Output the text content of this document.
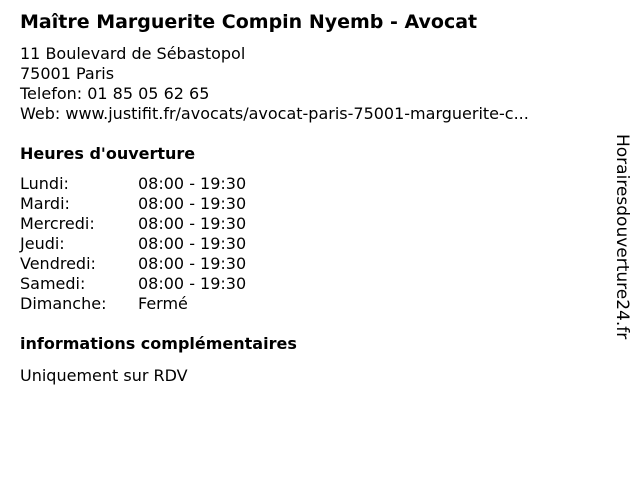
Maître Marguerite Compin Nyemb - Avocat
11 Boulevard de Sébastopol
75001 Paris
Telefon: 01 85 05 62 65
Web: www.justifit.fr/avocats/avocat-paris-75001-marguerite-c...
Heures d'ouverture
Lundi:	08:00 - 19:30
Mardi:	08:00 - 19:30
Mercredi:	08:00 - 19:30
Jeudi:	08:00 - 19:30
Vendredi:	08:00 - 19:30
Samedi:	08:00 - 19:30
Dimanche:	Fermé
informations complémentaires
Uniquement sur RDV
Horairesdouverture24.fr
